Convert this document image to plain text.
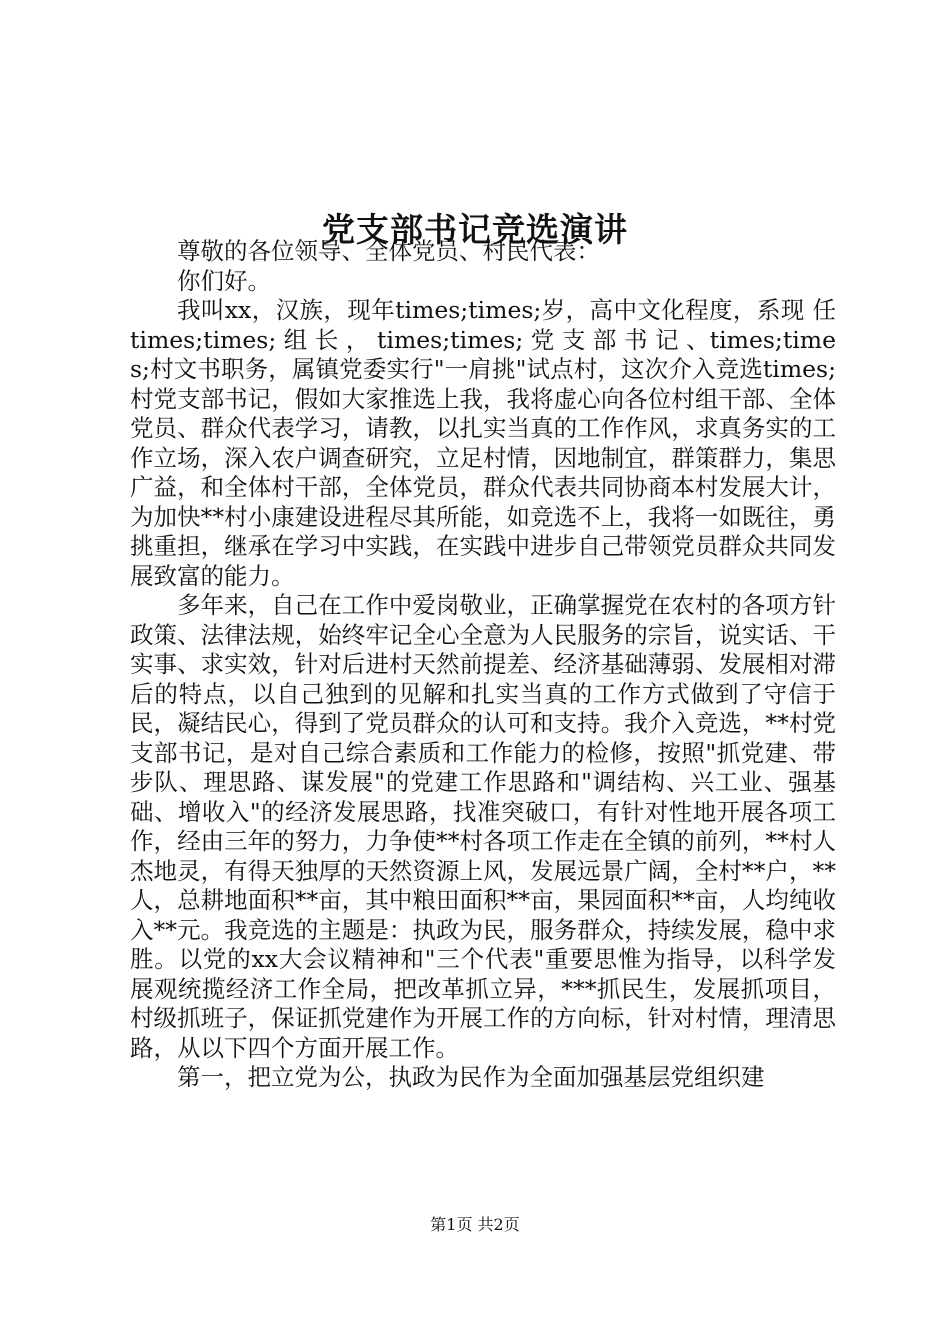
党支部书记竞选演讲

尊敬的各位领导、全体党员、村民代表：

你们好。

我叫xx，汉族，现年times;times;岁，高中文化程度，系现 任 times;times; 组 长 ， times;times; 党 支 部 书 记 、times;times;村文书职务，属镇党委实行"一肩挑"试点村，这次介入竞选times;村党支部书记，假如大家推选上我，我将虚心向各位村组干部、全体党员、群众代表学习，请教，以扎实当真的工作作风，求真务实的工作立场，深入农户调查研究，立足村情，因地制宜，群策群力，集思广益，和全体村干部，全体党员，群众代表共同协商本村发展大计，为加快**村小康建设进程尽其所能，如竞选不上，我将一如既往，勇挑重担，继承在学习中实践，在实践中进步自己带领党员群众共同发展致富的能力。

多年来，自己在工作中爱岗敬业，正确掌握党在农村的各项方针政策、法律法规，始终牢记全心全意为人民服务的宗旨，说实话、干实事、求实效，针对后进村天然前提差、经济基础薄弱、发展相对滞后的特点，以自己独到的见解和扎实当真的工作方式做到了守信于民，凝结民心，得到了党员群众的认可和支持。我介入竞选，**村党支部书记，是对自己综合素质和工作能力的检修，按照"抓党建、带步队、理思路、谋发展"的党建工作思路和"调结构、兴工业、强基础、增收入"的经济发展思路，找准突破口，有针对性地开展各项工作，经由三年的努力，力争使**村各项工作走在全镇的前列，**村人杰地灵，有得天独厚的天然资源上风，发展远景广阔，全村**户，**人，总耕地面积**亩，其中粮田面积**亩，果园面积**亩，人均纯收入**元。我竞选的主题是：执政为民，服务群众，持续发展，稳中求胜。以党的xx大会议精神和"三个代表"重要思惟为指导，以科学发展观统揽经济工作全局，把改革抓立异，***抓民生，发展抓项目，村级抓班子，保证抓党建作为开展工作的方向标，针对村情，理清思路，从以下四个方面开展工作。

第一，把立党为公，执政为民作为全面加强基层党组织建

第1页 共2页
